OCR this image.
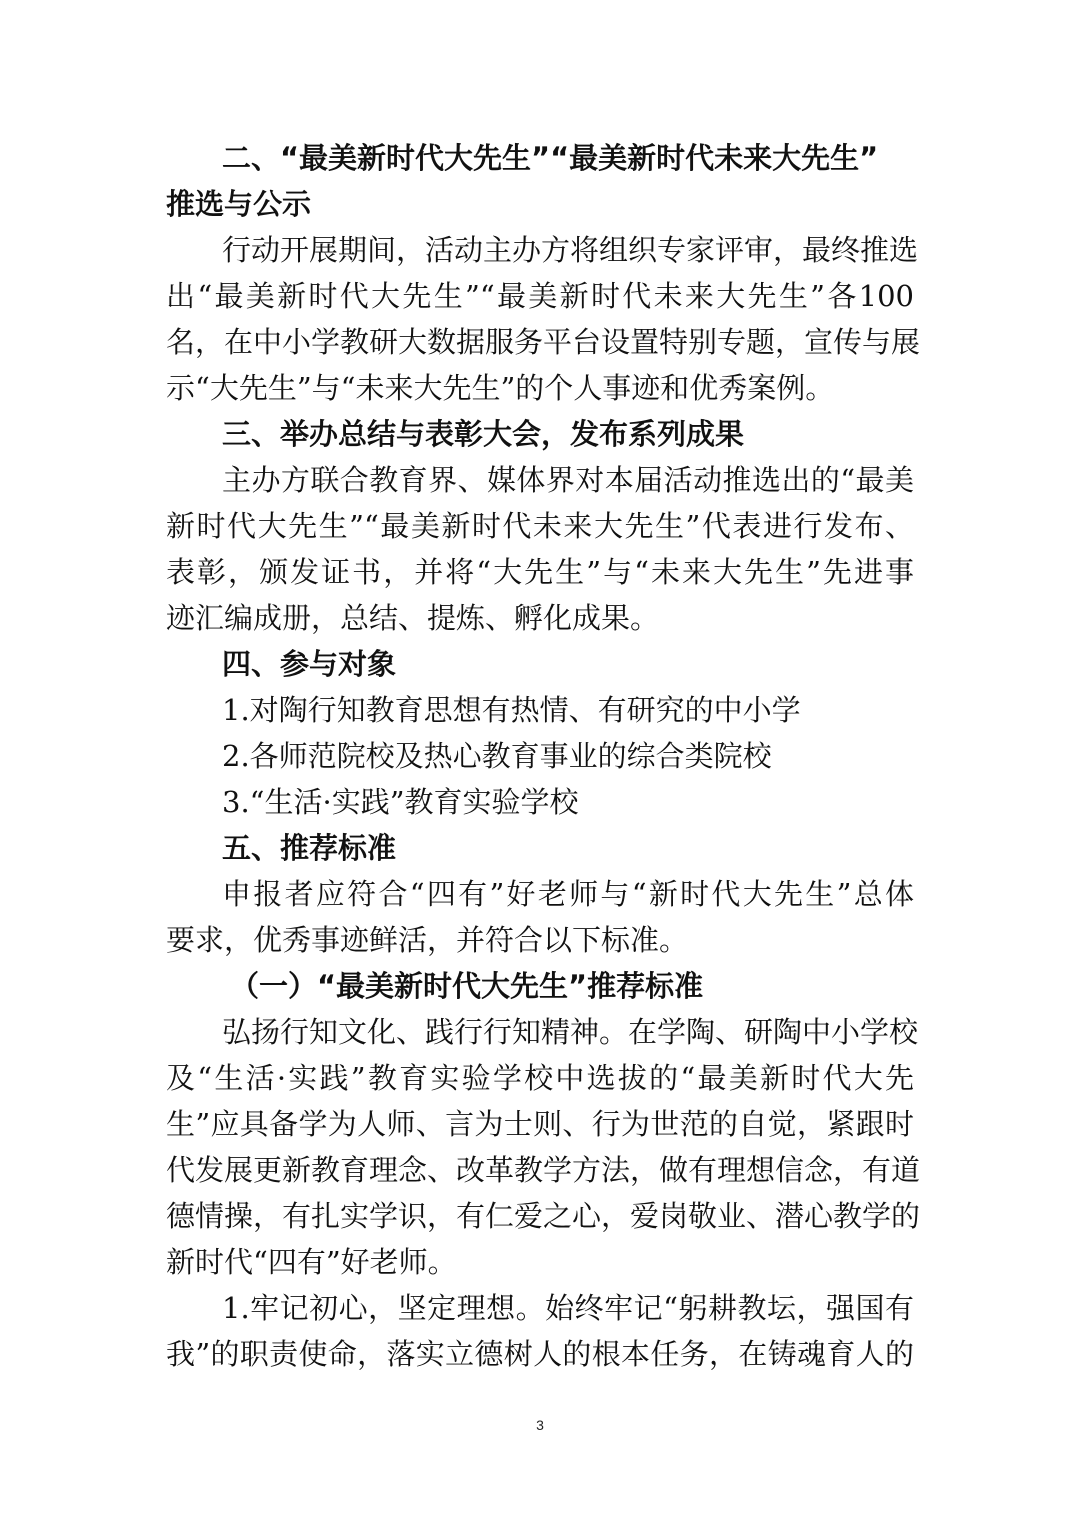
二、“最美新时代大先生”“最美新时代未来大先生”
推选与公示
行动开展期间，活动主办方将组织专家评审，最终推选
出“最美新时代大先生”“最美新时代未来大先生”各100
名，在中小学教研大数据服务平台设置特别专题，宣传与展
示“大先生”与“未来大先生”的个人事迹和优秀案例。
三、举办总结与表彰大会，发布系列成果
主办方联合教育界、媒体界对本届活动推选出的“最美
新时代大先生”“最美新时代未来大先生”代表进行发布、
表彰，颁发证书，并将“大先生”与“未来大先生”先进事
迹汇编成册，总结、提炼、孵化成果。
四、参与对象
1.对陶行知教育思想有热情、有研究的中小学
2.各师范院校及热心教育事业的综合类院校
3.“生活·实践”教育实验学校
五、推荐标准
申报者应符合“四有”好老师与“新时代大先生”总体
要求，优秀事迹鲜活，并符合以下标准。
（一）“最美新时代大先生”推荐标准
弘扬行知文化、践行行知精神。在学陶、研陶中小学校
及“生活·实践”教育实验学校中选拔的“最美新时代大先
生”应具备学为人师、言为士则、行为世范的自觉，紧跟时
代发展更新教育理念、改革教学方法，做有理想信念，有道
德情操，有扎实学识，有仁爱之心，爱岗敬业、潜心教学的
新时代“四有”好老师。
1.牢记初心，坚定理想。始终牢记“躬耕教坛，强国有
我”的职责使命，落实立德树人的根本任务，在铸魂育人的
3
